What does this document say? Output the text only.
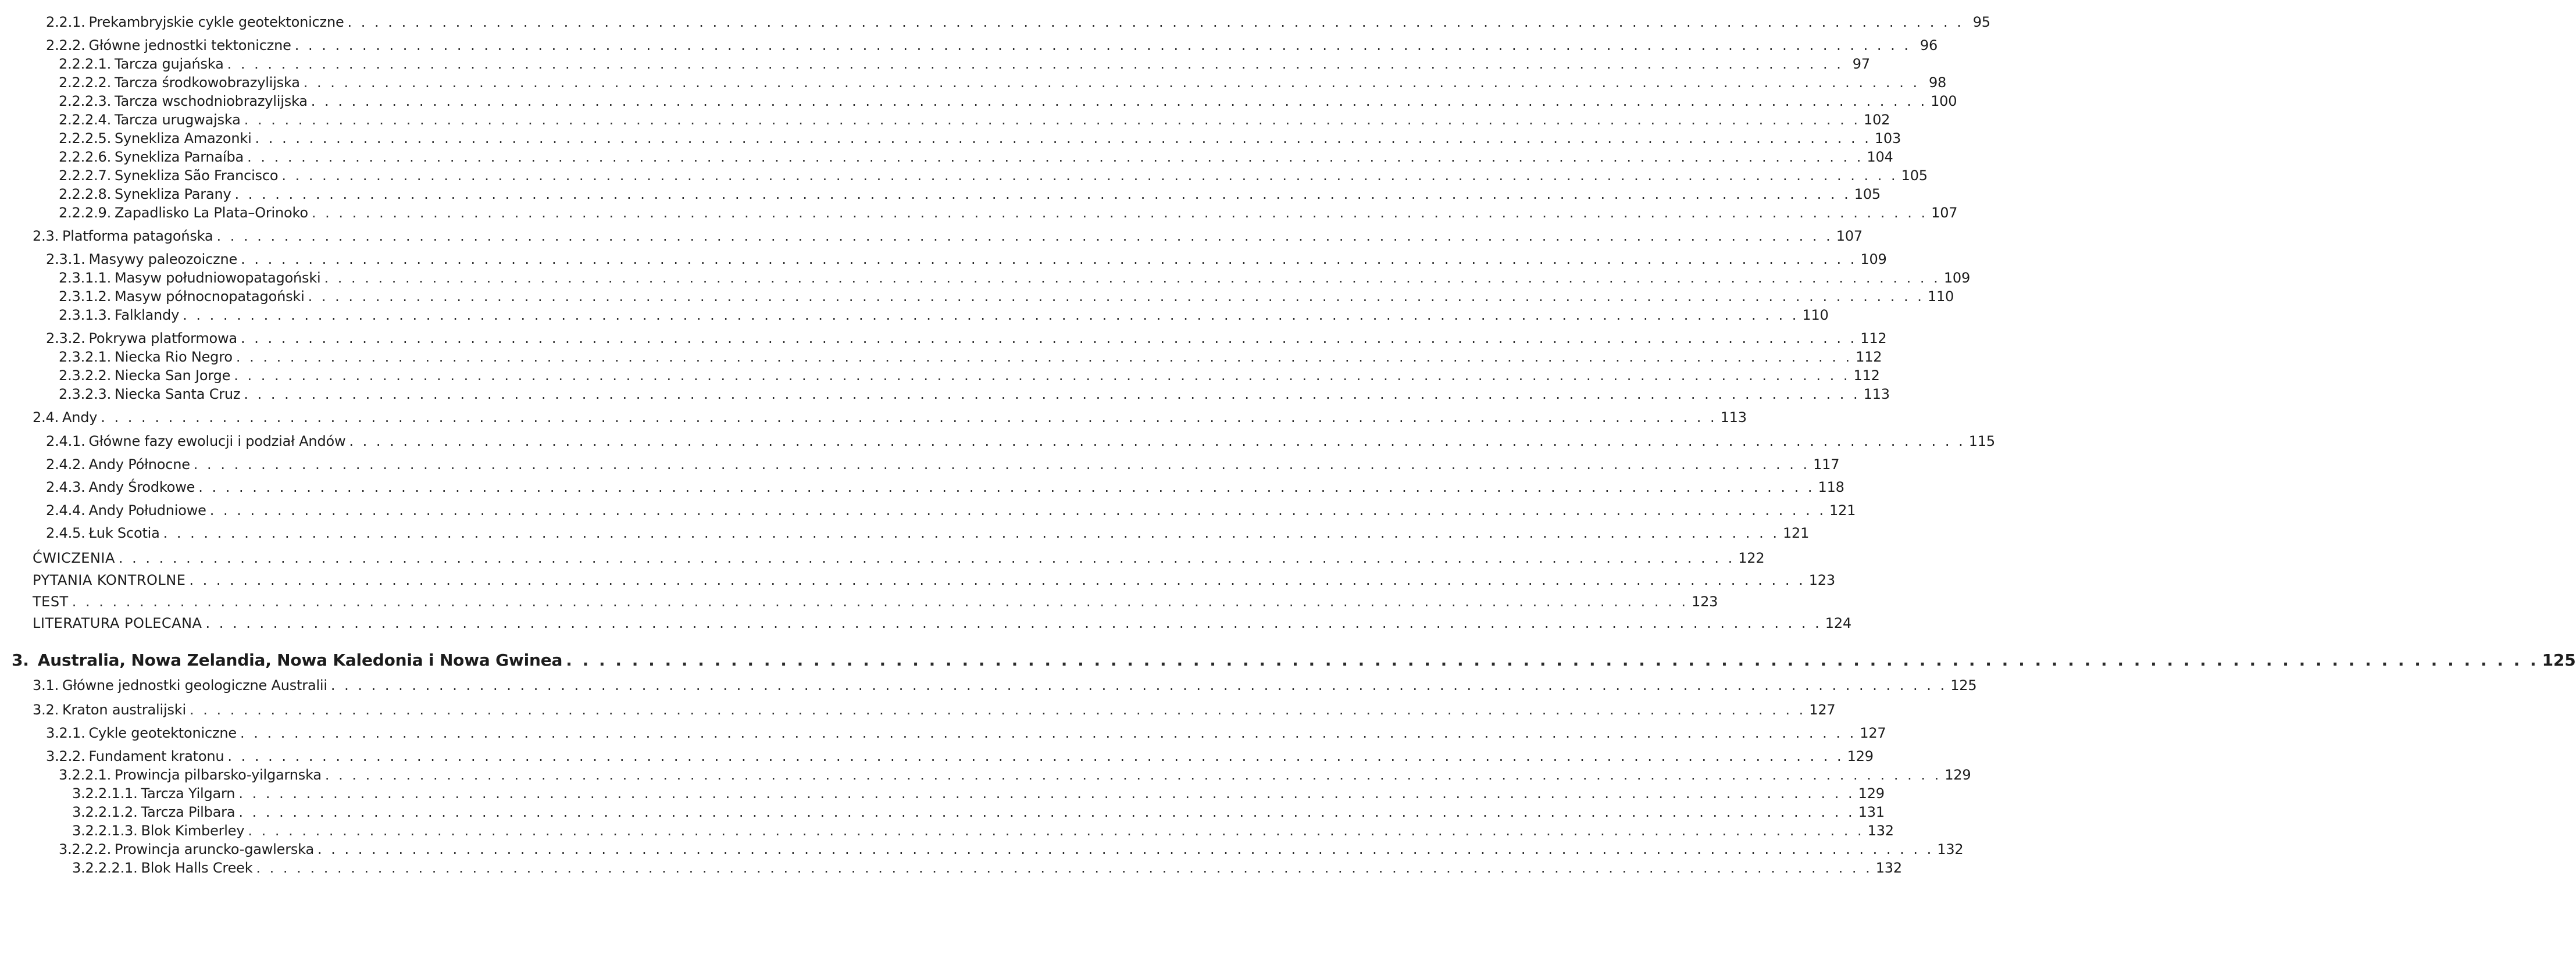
2.2.1. Prekambryjskie cykle geotektoniczne . . . . . . . . . . . . . . . . . . . . . . . . . . . . . . . . . . . . . . . . . . . . . . . . . . . . . . . . . . . . . . . . . . . . . . . . . . . . . . . . . . . . . . . . . . . . . . . . . . . . . . . . . . . . . . . . . . . . . . . . 95
2.2.2. Główne jednostki tektoniczne . . . . . . . . . . . . . . . . . . . . . . . . . . . . . . . . . . . . . . . . . . . . . . . . . . . . . . . . . . . . . . . . . . . . . . . . . . . . . . . . . . . . . . . . . . . . . . . . . . . . . . . . . . . . . . . . . . . . . . . . 96
2.2.2.1. Tarcza gujańska . . . . . . . . . . . . . . . . . . . . . . . . . . . . . . . . . . . . . . . . . . . . . . . . . . . . . . . . . . . . . . . . . . . . . . . . . . . . . . . . . . . . . . . . . . . . . . . . . . . . . . . . . . . . . . . . . . . . . . . . 97
2.2.2.2. Tarcza środkowobrazylijska . . . . . . . . . . . . . . . . . . . . . . . . . . . . . . . . . . . . . . . . . . . . . . . . . . . . . . . . . . . . . . . . . . . . . . . . . . . . . . . . . . . . . . . . . . . . . . . . . . . . . . . . . . . . . . . . . . . . . . . . 98
2.2.2.3. Tarcza wschodniobrazylijska . . . . . . . . . . . . . . . . . . . . . . . . . . . . . . . . . . . . . . . . . . . . . . . . . . . . . . . . . . . . . . . . . . . . . . . . . . . . . . . . . . . . . . . . . . . . . . . . . . . . . . . . . . . . . . . . . . . . . . . . 100
2.2.2.4. Tarcza urugwajska . . . . . . . . . . . . . . . . . . . . . . . . . . . . . . . . . . . . . . . . . . . . . . . . . . . . . . . . . . . . . . . . . . . . . . . . . . . . . . . . . . . . . . . . . . . . . . . . . . . . . . . . . . . . . . . . . . . . . . . . 102
2.2.2.5. Synekliza Amazonki . . . . . . . . . . . . . . . . . . . . . . . . . . . . . . . . . . . . . . . . . . . . . . . . . . . . . . . . . . . . . . . . . . . . . . . . . . . . . . . . . . . . . . . . . . . . . . . . . . . . . . . . . . . . . . . . . . . . . . . . 103
2.2.2.6. Synekliza Parnaíba . . . . . . . . . . . . . . . . . . . . . . . . . . . . . . . . . . . . . . . . . . . . . . . . . . . . . . . . . . . . . . . . . . . . . . . . . . . . . . . . . . . . . . . . . . . . . . . . . . . . . . . . . . . . . . . . . . . . . . . . 104
2.2.2.7. Synekliza São Francisco . . . . . . . . . . . . . . . . . . . . . . . . . . . . . . . . . . . . . . . . . . . . . . . . . . . . . . . . . . . . . . . . . . . . . . . . . . . . . . . . . . . . . . . . . . . . . . . . . . . . . . . . . . . . . . . . . . . . . . . . 105
2.2.2.8. Synekliza Parany . . . . . . . . . . . . . . . . . . . . . . . . . . . . . . . . . . . . . . . . . . . . . . . . . . . . . . . . . . . . . . . . . . . . . . . . . . . . . . . . . . . . . . . . . . . . . . . . . . . . . . . . . . . . . . . . . . . . . . . . 105
2.2.2.9. Zapadlisko La Plata–Orinoko . . . . . . . . . . . . . . . . . . . . . . . . . . . . . . . . . . . . . . . . . . . . . . . . . . . . . . . . . . . . . . . . . . . . . . . . . . . . . . . . . . . . . . . . . . . . . . . . . . . . . . . . . . . . . . . . . . . . . . . . 107
2.3. Platforma patagońska . . . . . . . . . . . . . . . . . . . . . . . . . . . . . . . . . . . . . . . . . . . . . . . . . . . . . . . . . . . . . . . . . . . . . . . . . . . . . . . . . . . . . . . . . . . . . . . . . . . . . . . . . . . . . . . . . . . . . . . . 107
2.3.1. Masywy paleozoiczne . . . . . . . . . . . . . . . . . . . . . . . . . . . . . . . . . . . . . . . . . . . . . . . . . . . . . . . . . . . . . . . . . . . . . . . . . . . . . . . . . . . . . . . . . . . . . . . . . . . . . . . . . . . . . . . . . . . . . . . . 109
2.3.1.1. Masyw południowopatagoński . . . . . . . . . . . . . . . . . . . . . . . . . . . . . . . . . . . . . . . . . . . . . . . . . . . . . . . . . . . . . . . . . . . . . . . . . . . . . . . . . . . . . . . . . . . . . . . . . . . . . . . . . . . . . . . . . . . . . . . . 109
2.3.1.2. Masyw północnopatagoński . . . . . . . . . . . . . . . . . . . . . . . . . . . . . . . . . . . . . . . . . . . . . . . . . . . . . . . . . . . . . . . . . . . . . . . . . . . . . . . . . . . . . . . . . . . . . . . . . . . . . . . . . . . . . . . . . . . . . . . . 110
2.3.1.3. Falklandy . . . . . . . . . . . . . . . . . . . . . . . . . . . . . . . . . . . . . . . . . . . . . . . . . . . . . . . . . . . . . . . . . . . . . . . . . . . . . . . . . . . . . . . . . . . . . . . . . . . . . . . . . . . . . . . . . . . . . . . . 110
2.3.2. Pokrywa platformowa . . . . . . . . . . . . . . . . . . . . . . . . . . . . . . . . . . . . . . . . . . . . . . . . . . . . . . . . . . . . . . . . . . . . . . . . . . . . . . . . . . . . . . . . . . . . . . . . . . . . . . . . . . . . . . . . . . . . . . . . 112
2.3.2.1. Niecka Rio Negro . . . . . . . . . . . . . . . . . . . . . . . . . . . . . . . . . . . . . . . . . . . . . . . . . . . . . . . . . . . . . . . . . . . . . . . . . . . . . . . . . . . . . . . . . . . . . . . . . . . . . . . . . . . . . . . . . . . . . . . . 112
2.3.2.2. Niecka San Jorge . . . . . . . . . . . . . . . . . . . . . . . . . . . . . . . . . . . . . . . . . . . . . . . . . . . . . . . . . . . . . . . . . . . . . . . . . . . . . . . . . . . . . . . . . . . . . . . . . . . . . . . . . . . . . . . . . . . . . . . . 112
2.3.2.3. Niecka Santa Cruz . . . . . . . . . . . . . . . . . . . . . . . . . . . . . . . . . . . . . . . . . . . . . . . . . . . . . . . . . . . . . . . . . . . . . . . . . . . . . . . . . . . . . . . . . . . . . . . . . . . . . . . . . . . . . . . . . . . . . . . . 113
2.4. Andy . . . . . . . . . . . . . . . . . . . . . . . . . . . . . . . . . . . . . . . . . . . . . . . . . . . . . . . . . . . . . . . . . . . . . . . . . . . . . . . . . . . . . . . . . . . . . . . . . . . . . . . . . . . . . . . . . . . . . . . . 113
2.4.1. Główne fazy ewolucji i podział Andów . . . . . . . . . . . . . . . . . . . . . . . . . . . . . . . . . . . . . . . . . . . . . . . . . . . . . . . . . . . . . . . . . . . . . . . . . . . . . . . . . . . . . . . . . . . . . . . . . . . . . . . . . . . . . . . . . . . . . . . . 115
2.4.2. Andy Północne . . . . . . . . . . . . . . . . . . . . . . . . . . . . . . . . . . . . . . . . . . . . . . . . . . . . . . . . . . . . . . . . . . . . . . . . . . . . . . . . . . . . . . . . . . . . . . . . . . . . . . . . . . . . . . . . . . . . . . . . 117
2.4.3. Andy Środkowe . . . . . . . . . . . . . . . . . . . . . . . . . . . . . . . . . . . . . . . . . . . . . . . . . . . . . . . . . . . . . . . . . . . . . . . . . . . . . . . . . . . . . . . . . . . . . . . . . . . . . . . . . . . . . . . . . . . . . . . . 118
2.4.4. Andy Południowe . . . . . . . . . . . . . . . . . . . . . . . . . . . . . . . . . . . . . . . . . . . . . . . . . . . . . . . . . . . . . . . . . . . . . . . . . . . . . . . . . . . . . . . . . . . . . . . . . . . . . . . . . . . . . . . . . . . . . . . . 121
2.4.5. Łuk Scotia . . . . . . . . . . . . . . . . . . . . . . . . . . . . . . . . . . . . . . . . . . . . . . . . . . . . . . . . . . . . . . . . . . . . . . . . . . . . . . . . . . . . . . . . . . . . . . . . . . . . . . . . . . . . . . . . . . . . . . . . 121
ĆWICZENIA . . . . . . . . . . . . . . . . . . . . . . . . . . . . . . . . . . . . . . . . . . . . . . . . . . . . . . . . . . . . . . . . . . . . . . . . . . . . . . . . . . . . . . . . . . . . . . . . . . . . . . . . . . . . . . . . . . . . . . . . 122
PYTANIA KONTROLNE . . . . . . . . . . . . . . . . . . . . . . . . . . . . . . . . . . . . . . . . . . . . . . . . . . . . . . . . . . . . . . . . . . . . . . . . . . . . . . . . . . . . . . . . . . . . . . . . . . . . . . . . . . . . . . . . . . . . . . . . 123
TEST . . . . . . . . . . . . . . . . . . . . . . . . . . . . . . . . . . . . . . . . . . . . . . . . . . . . . . . . . . . . . . . . . . . . . . . . . . . . . . . . . . . . . . . . . . . . . . . . . . . . . . . . . . . . . . . . . . . . . . . . 123
LITERATURA POLECANA . . . . . . . . . . . . . . . . . . . . . . . . . . . . . . . . . . . . . . . . . . . . . . . . . . . . . . . . . . . . . . . . . . . . . . . . . . . . . . . . . . . . . . . . . . . . . . . . . . . . . . . . . . . . . . . . . . . . . . . . 124
3. Australia, Nowa Zelandia, Nowa Kaledonia i Nowa Gwinea . . . . . . . . . . . . . . . . . . . . . . . . . . . . . . . . . . . . . . . . . . . . . . . . . . . . . . . . . . . . . . . . . . . . . . . . . . . . . . . . . . . . . . . . . . . . . . . . . . . . . . . . . . . . . . . . . . . . . . . . 125
3.1. Główne jednostki geologiczne Australii . . . . . . . . . . . . . . . . . . . . . . . . . . . . . . . . . . . . . . . . . . . . . . . . . . . . . . . . . . . . . . . . . . . . . . . . . . . . . . . . . . . . . . . . . . . . . . . . . . . . . . . . . . . . . . . . . . . . . . . . 125
3.2. Kraton australijski . . . . . . . . . . . . . . . . . . . . . . . . . . . . . . . . . . . . . . . . . . . . . . . . . . . . . . . . . . . . . . . . . . . . . . . . . . . . . . . . . . . . . . . . . . . . . . . . . . . . . . . . . . . . . . . . . . . . . . . . 127
3.2.1. Cykle geotektoniczne . . . . . . . . . . . . . . . . . . . . . . . . . . . . . . . . . . . . . . . . . . . . . . . . . . . . . . . . . . . . . . . . . . . . . . . . . . . . . . . . . . . . . . . . . . . . . . . . . . . . . . . . . . . . . . . . . . . . . . . . 127
3.2.2. Fundament kratonu . . . . . . . . . . . . . . . . . . . . . . . . . . . . . . . . . . . . . . . . . . . . . . . . . . . . . . . . . . . . . . . . . . . . . . . . . . . . . . . . . . . . . . . . . . . . . . . . . . . . . . . . . . . . . . . . . . . . . . . . 129
3.2.2.1. Prowincja pilbarsko-yilgarnska . . . . . . . . . . . . . . . . . . . . . . . . . . . . . . . . . . . . . . . . . . . . . . . . . . . . . . . . . . . . . . . . . . . . . . . . . . . . . . . . . . . . . . . . . . . . . . . . . . . . . . . . . . . . . . . . . . . . . . . . 129
3.2.2.1.1. Tarcza Yilgarn . . . . . . . . . . . . . . . . . . . . . . . . . . . . . . . . . . . . . . . . . . . . . . . . . . . . . . . . . . . . . . . . . . . . . . . . . . . . . . . . . . . . . . . . . . . . . . . . . . . . . . . . . . . . . . . . . . . . . . . . 129
3.2.2.1.2. Tarcza Pilbara . . . . . . . . . . . . . . . . . . . . . . . . . . . . . . . . . . . . . . . . . . . . . . . . . . . . . . . . . . . . . . . . . . . . . . . . . . . . . . . . . . . . . . . . . . . . . . . . . . . . . . . . . . . . . . . . . . . . . . . . 131
3.2.2.1.3. Blok Kimberley . . . . . . . . . . . . . . . . . . . . . . . . . . . . . . . . . . . . . . . . . . . . . . . . . . . . . . . . . . . . . . . . . . . . . . . . . . . . . . . . . . . . . . . . . . . . . . . . . . . . . . . . . . . . . . . . . . . . . . . . 132
3.2.2.2. Prowincja aruncko-gawlerska . . . . . . . . . . . . . . . . . . . . . . . . . . . . . . . . . . . . . . . . . . . . . . . . . . . . . . . . . . . . . . . . . . . . . . . . . . . . . . . . . . . . . . . . . . . . . . . . . . . . . . . . . . . . . . . . . . . . . . . . 132
3.2.2.2.1. Blok Halls Creek . . . . . . . . . . . . . . . . . . . . . . . . . . . . . . . . . . . . . . . . . . . . . . . . . . . . . . . . . . . . . . . . . . . . . . . . . . . . . . . . . . . . . . . . . . . . . . . . . . . . . . . . . . . . . . . . . . . . . . . . 132
